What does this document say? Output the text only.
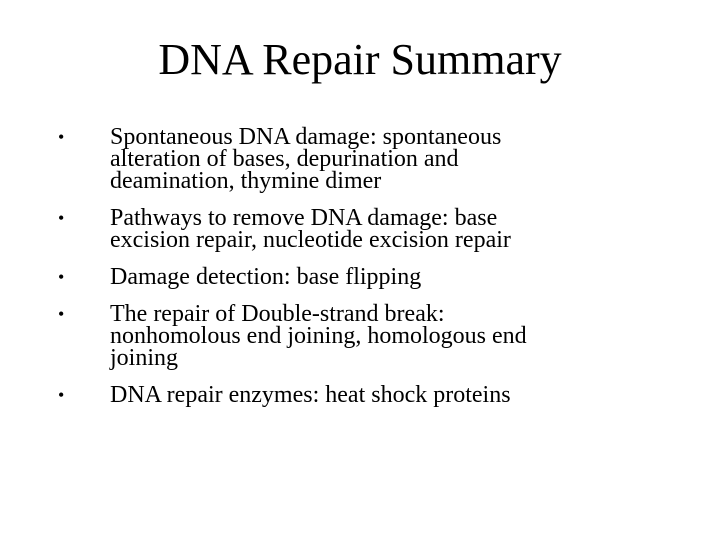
DNA Repair Summary
• Spontaneous DNA damage: spontaneous
alteration of bases, depurination and
deamination, thymine dimer
• Pathways to remove DNA damage: base
excision repair, nucleotide excision repair
• Damage detection: base flipping
• The repair of Double-strand break:
nonhomolous end joining, homologous end
joining
• DNA repair enzymes: heat shock proteins
